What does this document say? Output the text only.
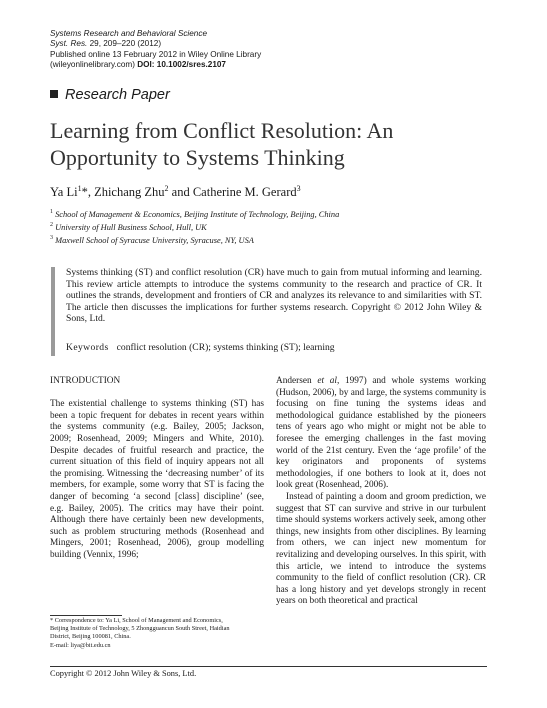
Systems Research and Behavioral Science
Syst. Res. 29, 209–220 (2012)
Published online 13 February 2012 in Wiley Online Library
(wileyonlinelibrary.com) DOI: 10.1002/sres.2107
Research Paper
Learning from Conflict Resolution: An
Opportunity to Systems Thinking
Ya Li$^1$*, Zhichang Zhu$^2$ and Catherine M. Gerard$^3$
$^1$ School of Management & Economics, Beijing Institute of Technology, Beijing, China
$^2$ University of Hull Business School, Hull, UK
$^3$ Maxwell School of Syracuse University, Syracuse, NY, USA

Systems thinking (ST) and conflict resolution (CR) have much to gain from mutual informing and learning. This review article attempts to introduce the systems community to the research and practice of CR. It outlines the strands, development and frontiers of CR and analyzes its relevance to and similarities with ST. The article then discusses the implications for further systems research. Copyright © 2012 John Wiley & Sons, Ltd.

Keywords conflict resolution (CR); systems thinking (ST); learning
INTRODUCTION

The existential challenge to systems thinking (ST) has been a topic frequent for debates in recent years within the systems community (e.g. Bailey, 2005; Jackson, 2009; Rosenhead, 2009; Mingers and White, 2010). Despite decades of fruitful research and practice, the current situation of this field of inquiry appears not all the promising. Witnessing the ‘decreasing number’ of its members, for example, some worry that ST is facing the danger of becoming ‘a second [class] discipline’ (see, e.g. Bailey, 2005). The critics may have their point. Although there have certainly been new developments, such as problem structuring methods (Rosenhead and Mingers, 2001; Rosenhead, 2006), group modelling building (Vennix, 1996;

Andersen et al, 1997) and whole systems working (Hudson, 2006), by and large, the systems community is focusing on fine tuning the systems ideas and methodological guidance established by the pioneers tens of years ago who might or might not be able to foresee the emerging challenges in the fast moving world of the 21st century. Even the ‘age profile’ of the key originators and proponents of systems methodologies, if one bothers to look at it, does not look great (Rosenhead, 2006).

Instead of painting a doom and groom prediction, we suggest that ST can survive and strive in our turbulent time should systems workers actively seek, among other things, new insights from other disciplines. By learning from others, we can inject new momentum for revitalizing and developing ourselves. In this spirit, with this article, we intend to introduce the systems community to the field of conflict resolution (CR). CR has a long history and yet develops strongly in recent years on both theoretical and practical

* Correspondence to: Ya Li, School of Management and Economics,
Beijing Institute of Technology, 5 Zhongguancun South Street, Haidian
District, Beijing 100081, China.
E-mail: liya@bit.edu.cn
Copyright © 2012 John Wiley & Sons, Ltd.
